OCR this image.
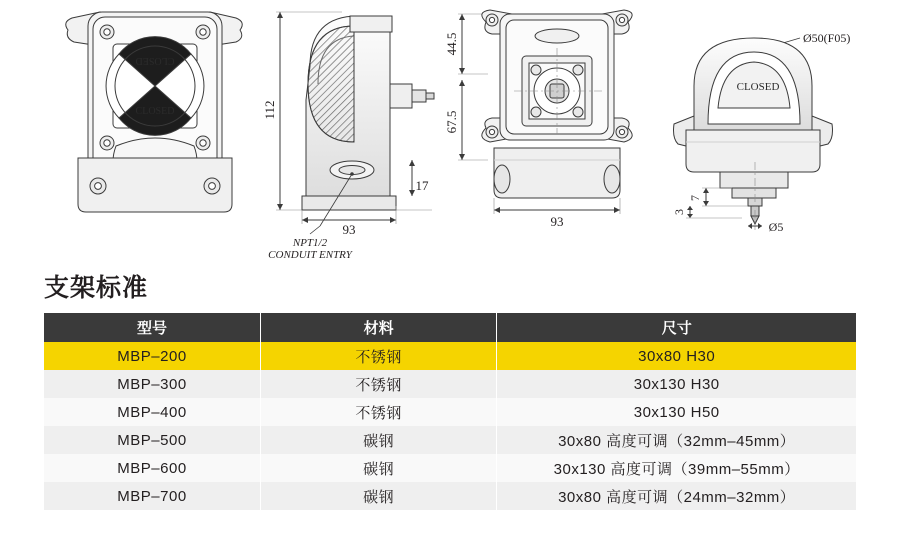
CLOSED
CLOSED	112
93
17
NPT1/2
CONDUIT ENTRY
44.5
67.5
93
Ø50(F05)
CLOSED
7
3
Ø5
支架标准
型号	材料	尺寸
MBP–200	不锈钢	30x80 H30
MBP–300	不锈钢	30x130 H30
MBP–400	不锈钢	30x130 H50
MBP–500	碳钢	30x80 高度可调（32mm–45mm）
MBP–600	碳钢	30x130 高度可调（39mm–55mm）
MBP–700	碳钢	30x80 高度可调（24mm–32mm）
